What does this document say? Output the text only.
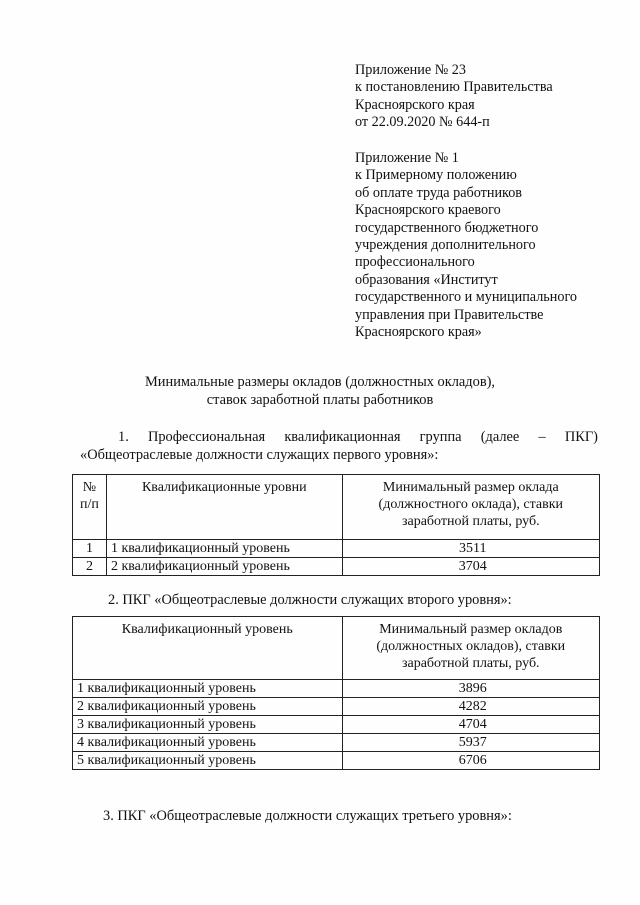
Приложение № 23
к постановлению Правительства
Красноярского края
от 22.09.2020 № 644-п
Приложение № 1
к Примерному положению
об оплате труда работников
Красноярского краевого
государственного бюджетного
учреждения дополнительного
профессионального
образования «Институт
государственного и муниципального
управления при Правительстве
Красноярского края»
Минимальные размеры окладов (должностных окладов),
ставок заработной платы работников
1. Профессиональная квалификационная группа (далее – ПКГ)
«Общеотраслевые должности служащих первого уровня»:
№ п/п	Квалификационные уровни	Минимальный размер оклада (должностного оклада), ставки заработной платы, руб.
1	1 квалификационный уровень	3511
2	2 квалификационный уровень	3704
2. ПКГ «Общеотраслевые должности служащих второго уровня»:
Квалификационный уровень	Минимальный размер окладов (должностных окладов), ставки заработной платы, руб.
1 квалификационный уровень	3896
2 квалификационный уровень	4282
3 квалификационный уровень	4704
4 квалификационный уровень	5937
5 квалификационный уровень	6706
3. ПКГ «Общеотраслевые должности служащих третьего уровня»:
